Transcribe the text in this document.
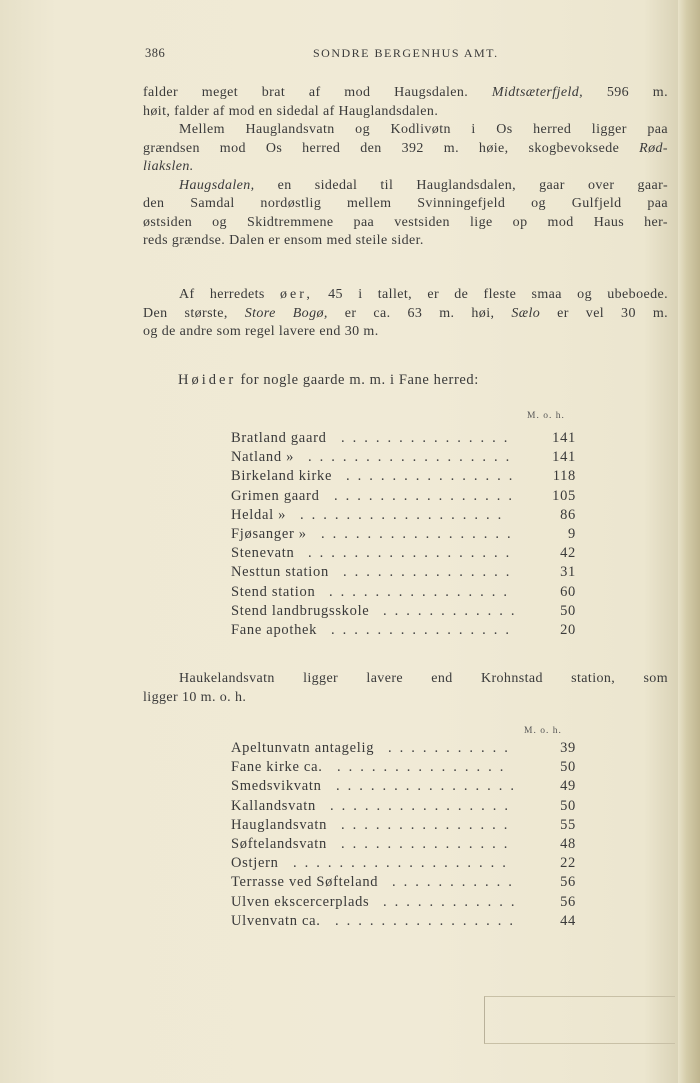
386	SONDRE BERGENHUS AMT.
falder meget brat af mod Haugsdalen. Midtsæterfjeld, 596 m.
høit, falder af mod en sidedal af Hauglandsdalen.
Mellem Hauglandsvatn og Kodlivøtn i Os herred ligger paa
grændsen mod Os herred den 392 m. høie, skogbevoksede Rød-
liakslen.
Haugsdalen, en sidedal til Hauglandsdalen, gaar over gaar-
den Samdal nordøstlig mellem Svinningefjeld og Gulfjeld paa
østsiden og Skidtremmene paa vestsiden lige op mod Haus her-
reds grændse. Dalen er ensom med steile sider.
Af herredets øer, 45 i tallet, er de fleste smaa og ubeboede.
Den største, Store Bogø, er ca. 63 m. høi, Sælo er vel 30 m.
og de andre som regel lavere end 30 m.
Høider for nogle gaarde m. m. i Fane herred:
M. o. h.
Bratland gaard	141
...............
Natland »	141
..................
Birkeland kirke	118
...............
Grimen gaard	105
................
Heldal »	86
..................
Fjøsanger »	9
.................
Stenevatn	42
..................
Nesttun station	31
...............
Stend station	60
................
Stend landbrugsskole	50
............
Fane apothek	20
................
Haukelandsvatn ligger lavere end Krohnstad station, som
ligger 10 m. o. h.
M. o. h.
Apeltunvatn antagelig	39
...........
Fane kirke ca.	50
...............
Smedsvikvatn	49
................
Kallandsvatn	50
................
Hauglandsvatn	55
...............
Søftelandsvatn	48
...............
Ostjern	22
...................
Terrasse ved Søfteland	56
...........
Ulven ekscercerplads	56
............
Ulvenvatn ca.	44
................
